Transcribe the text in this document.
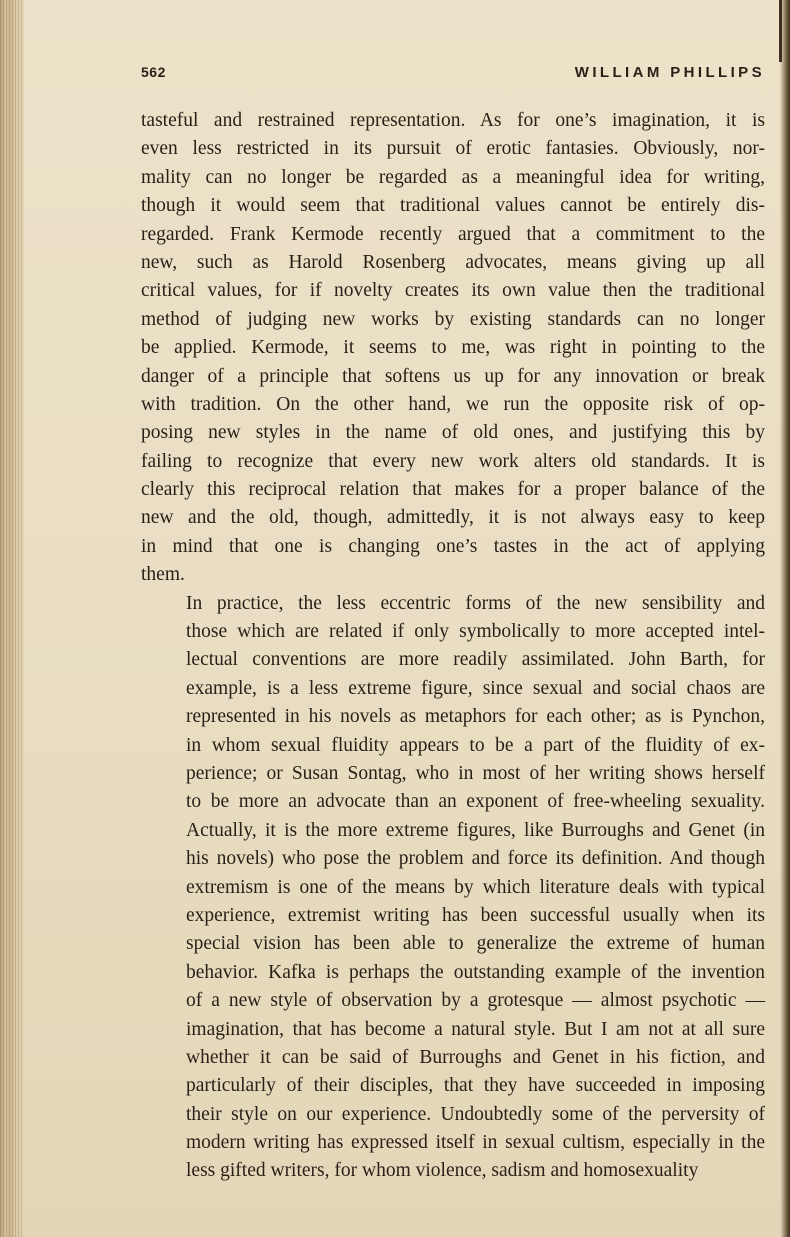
562	WILLIAM PHILLIPS
tasteful and restrained representation. As for one’s imagination, it is
even less restricted in its pursuit of erotic fantasies. Obviously, nor-
mality can no longer be regarded as a meaningful idea for writing,
though it would seem that traditional values cannot be entirely dis-
regarded. Frank Kermode recently argued that a commitment to the
new, such as Harold Rosenberg advocates, means giving up all
critical values, for if novelty creates its own value then the traditional
method of judging new works by existing standards can no longer
be applied. Kermode, it seems to me, was right in pointing to the
danger of a principle that softens us up for any innovation or break
with tradition. On the other hand, we run the opposite risk of op-
posing new styles in the name of old ones, and justifying this by
failing to recognize that every new work alters old standards. It is
clearly this reciprocal relation that makes for a proper balance of the
new and the old, though, admittedly, it is not always easy to keep
in mind that one is changing one’s tastes in the act of applying
them.
In practice, the less eccentric forms of the new sensibility and
those which are related if only symbolically to more accepted intel-
lectual conventions are more readily assimilated. John Barth, for
example, is a less extreme figure, since sexual and social chaos are
represented in his novels as metaphors for each other; as is Pynchon,
in whom sexual fluidity appears to be a part of the fluidity of ex-
perience; or Susan Sontag, who in most of her writing shows herself
to be more an advocate than an exponent of free-wheeling sexuality.
Actually, it is the more extreme figures, like Burroughs and Genet (in
his novels) who pose the problem and force its definition. And though
extremism is one of the means by which literature deals with typical
experience, extremist writing has been successful usually when its
special vision has been able to generalize the extreme of human
behavior. Kafka is perhaps the outstanding example of the invention
of a new style of observation by a grotesque — almost psychotic —
imagination, that has become a natural style. But I am not at all sure
whether it can be said of Burroughs and Genet in his fiction, and
particularly of their disciples, that they have succeeded in imposing
their style on our experience. Undoubtedly some of the perversity of
modern writing has expressed itself in sexual cultism, especially in the
less gifted writers, for whom violence, sadism and homosexuality
